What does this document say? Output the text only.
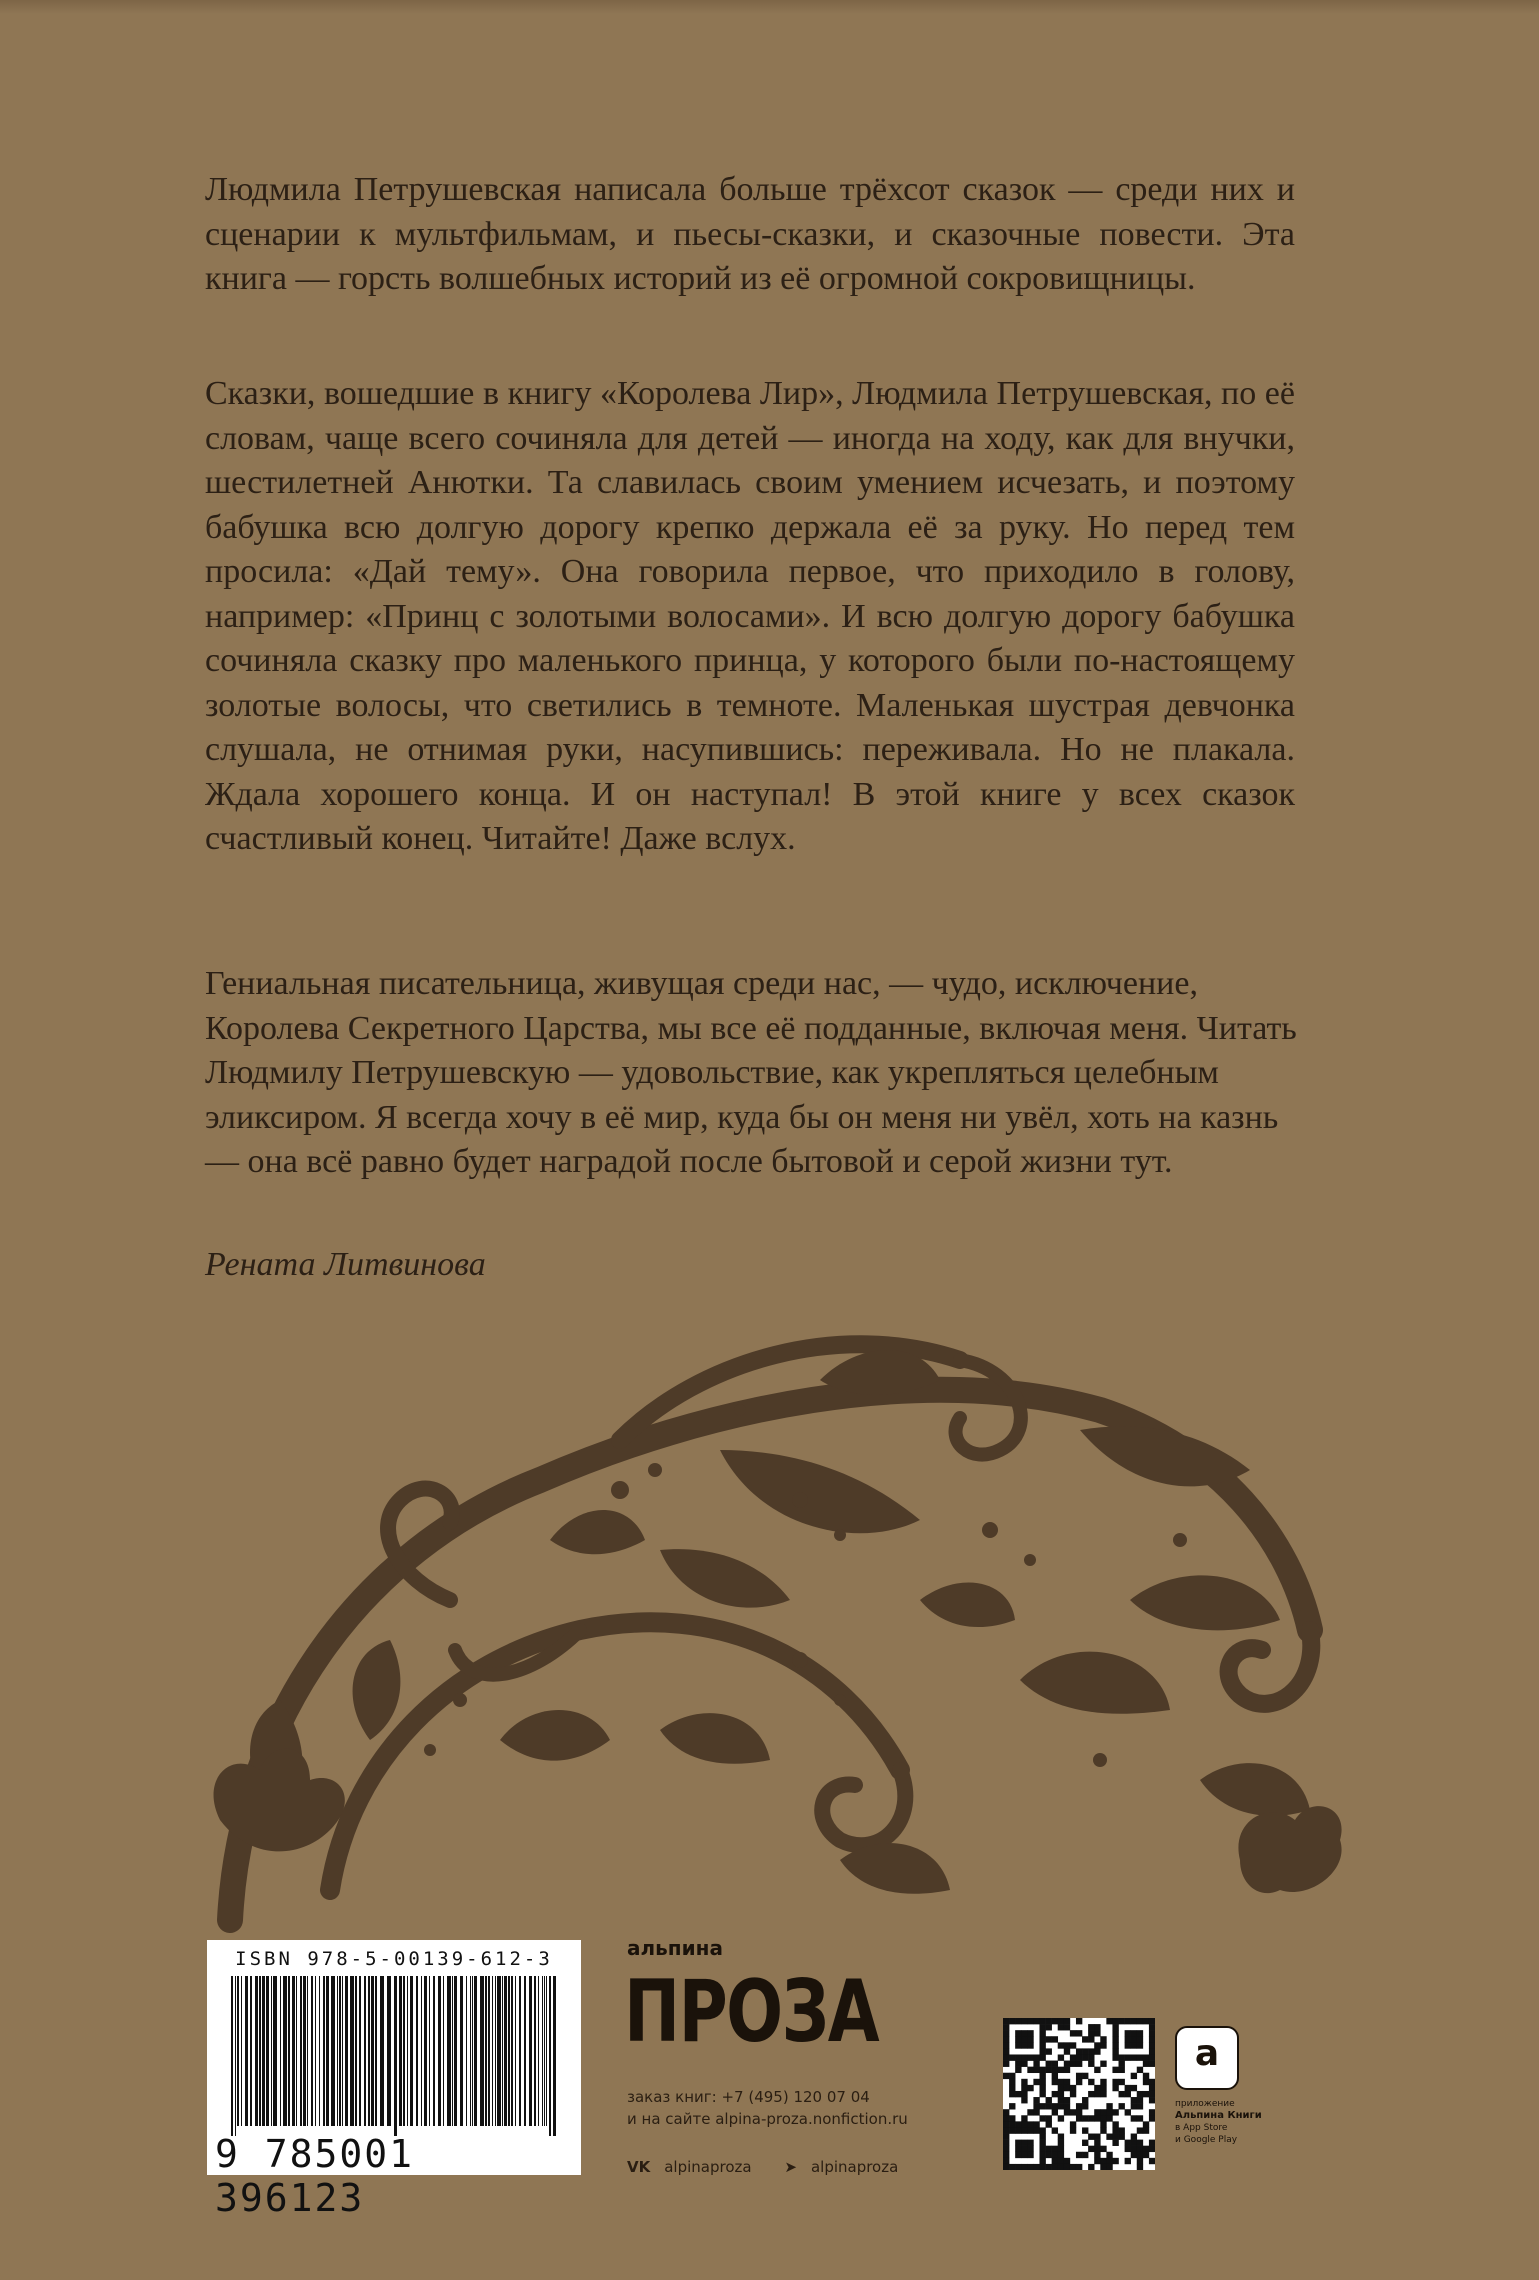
Людмила Петрушевская написала больше трёхсот сказок — среди них и сценарии к мультфильмам, и пьесы-сказки, и сказочные повести. Эта книга — горсть волшебных историй из её огромной сокровищницы.

Сказки, вошедшие в книгу «Королева Лир», Людмила Петрушевская, по её словам, чаще всего сочиняла для детей — иногда на ходу, как для внучки, шестилетней Анютки. Та славилась своим умением исчезать, и поэтому бабушка всю долгую дорогу крепко держала её за руку. Но перед тем просила: «Дай тему». Она говорила первое, что приходило в голову, например: «Принц с золотыми волосами». И всю долгую дорогу бабушка сочиняла сказку про маленького принца, у которого были по-настоящему золотые волосы, что светились в темноте. Маленькая шустрая девчонка слушала, не отнимая руки, насупившись: переживала. Но не плакала. Ждала хорошего конца. И он наступал! В этой книге у всех сказок счастливый конец. Читайте! Даже вслух.

Гениальная писательница, живущая среди нас, — чудо, исключение, Королева Секретного Царства, мы все её подданные, включая меня. Читать Людмилу Петрушевскую — удовольствие, как укрепляться целебным эликсиром. Я всегда хочу в её мир, куда бы он меня ни увёл, хоть на казнь — она всё равно будет наградой после бытовой и серой жизни тут.

Рената Литвинова
ISBN 978-5-00139-612-3
9 785001 396123
альпина
ПРОЗА
заказ книг: +7 (495) 120 07 04
и на сайте alpina-proza.nonfiction.ru
VK alpinaproza ➤ alpinaproza
a
приложение
Альпина Книги
в App Store
и Google Play
